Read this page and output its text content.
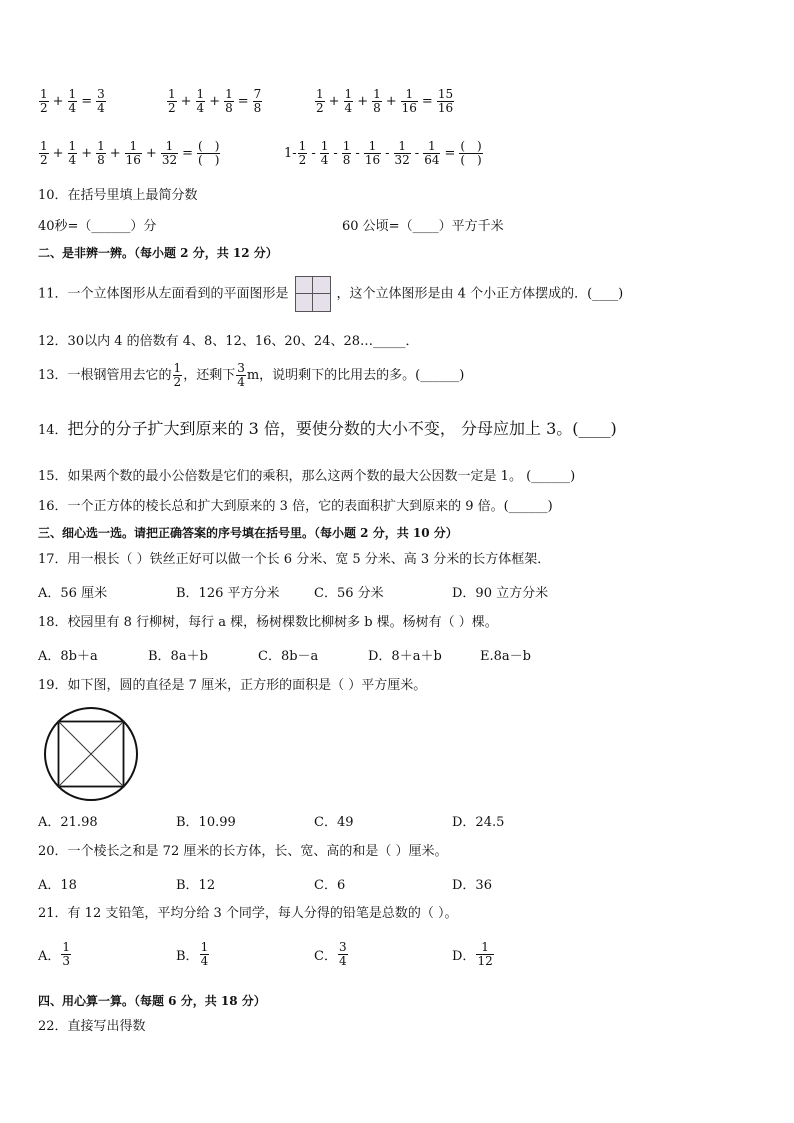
$\frac{1}{2} + \frac{1}{4} = \frac{3}{4}$	$\frac{1}{2} + \frac{1}{4} + \frac{1}{8} = \frac{7}{8}$	$\frac{1}{2} + \frac{1}{4} + \frac{1}{8} + \frac{1}{16} = \frac{15}{16}$
$\frac{1}{2} + \frac{1}{4} + \frac{1}{8} + \frac{1}{16} + \frac{1}{32} = \frac{( )}{( )}$	$1- \frac{1}{2} - \frac{1}{4} - \frac{1}{8} - \frac{1}{16} - \frac{1}{32} - \frac{1}{64} = \frac{( )}{( )}$
10．在括号里填上最简分数
40秒=（______）分	60 公顷=（____）平方千米
二、是非辨一辨。（每小题 2 分，共 12 分）
11．一个立体图形从左面看到的平面图形是	，这个立体图形是由 4 个小正方体摆成的．(____)
12．30以内 4 的倍数有 4、8、12、16、20、24、28…_____．
13．一根钢管用去它的 $\frac{1}{2}$ ，还剩下 $\frac{3}{4}$ m，说明剩下的比用去的多。(______)
14．把分的分子扩大到原来的 3 倍，要使分数的大小不变， 分母应加上 3。(____)
15．如果两个数的最小公倍数是它们的乘积，那么这两个数的最大公因数一定是 1。 (______)
16．一个正方体的棱长总和扩大到原来的 3 倍，它的表面积扩大到原来的 9 倍。(______)
三、细心选一选。请把正确答案的序号填在括号里。（每小题 2 分，共 10 分）
17．用一根长（ ）铁丝正好可以做一个长 6 分米、宽 5 分米、高 3 分米的长方体框架．
A．56 厘米	B．126 平方分米	C．56 分米	D．90 立方分米
18．校园里有 8 行柳树，每行 a 棵，杨树棵数比柳树多 b 棵。杨树有（ ）棵。
A．8b＋a	B．8a＋b	C．8b－a	D．8＋a＋b	E.8a－b
19．如下图，圆的直径是 7 厘米，正方形的面积是（ ）平方厘米。
A．21.98	B．10.99	C．49	D．24.5
20．一个棱长之和是 72 厘米的长方体，长、宽、高的和是（ ）厘米。
A．18	B．12	C．6	D．36
21．有 12 支铅笔，平均分给 3 个同学，每人分得的铅笔是总数的（ ）。
A． $\frac{1}{3}$	B． $\frac{1}{4}$	C． $\frac{3}{4}$	D． $\frac{1}{12}$
四、用心算一算。（每题 6 分，共 18 分）
22．直接写出得数
